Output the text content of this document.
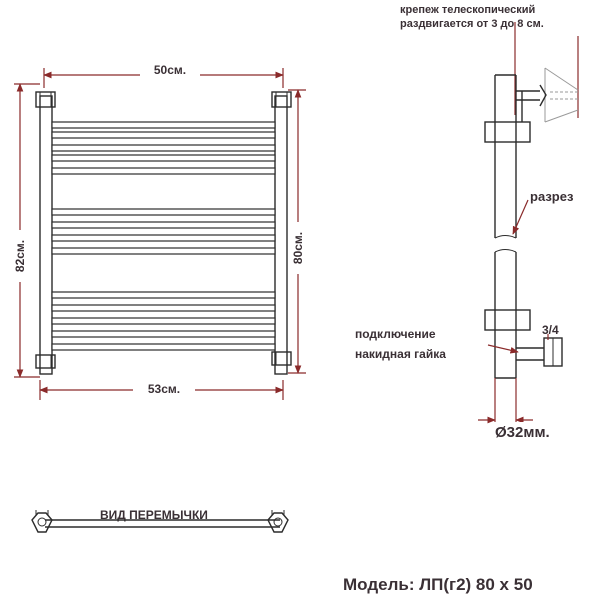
50см.
82см.	80см.
53см.
крепеж телескопический
раздвигается от 3 до 8 см.
разрез
3/4
подключение
накидная гайка
Ø32мм.
ВИД ПЕРЕМЫЧКИ
Модель: ЛП(г2) 80 x 50
